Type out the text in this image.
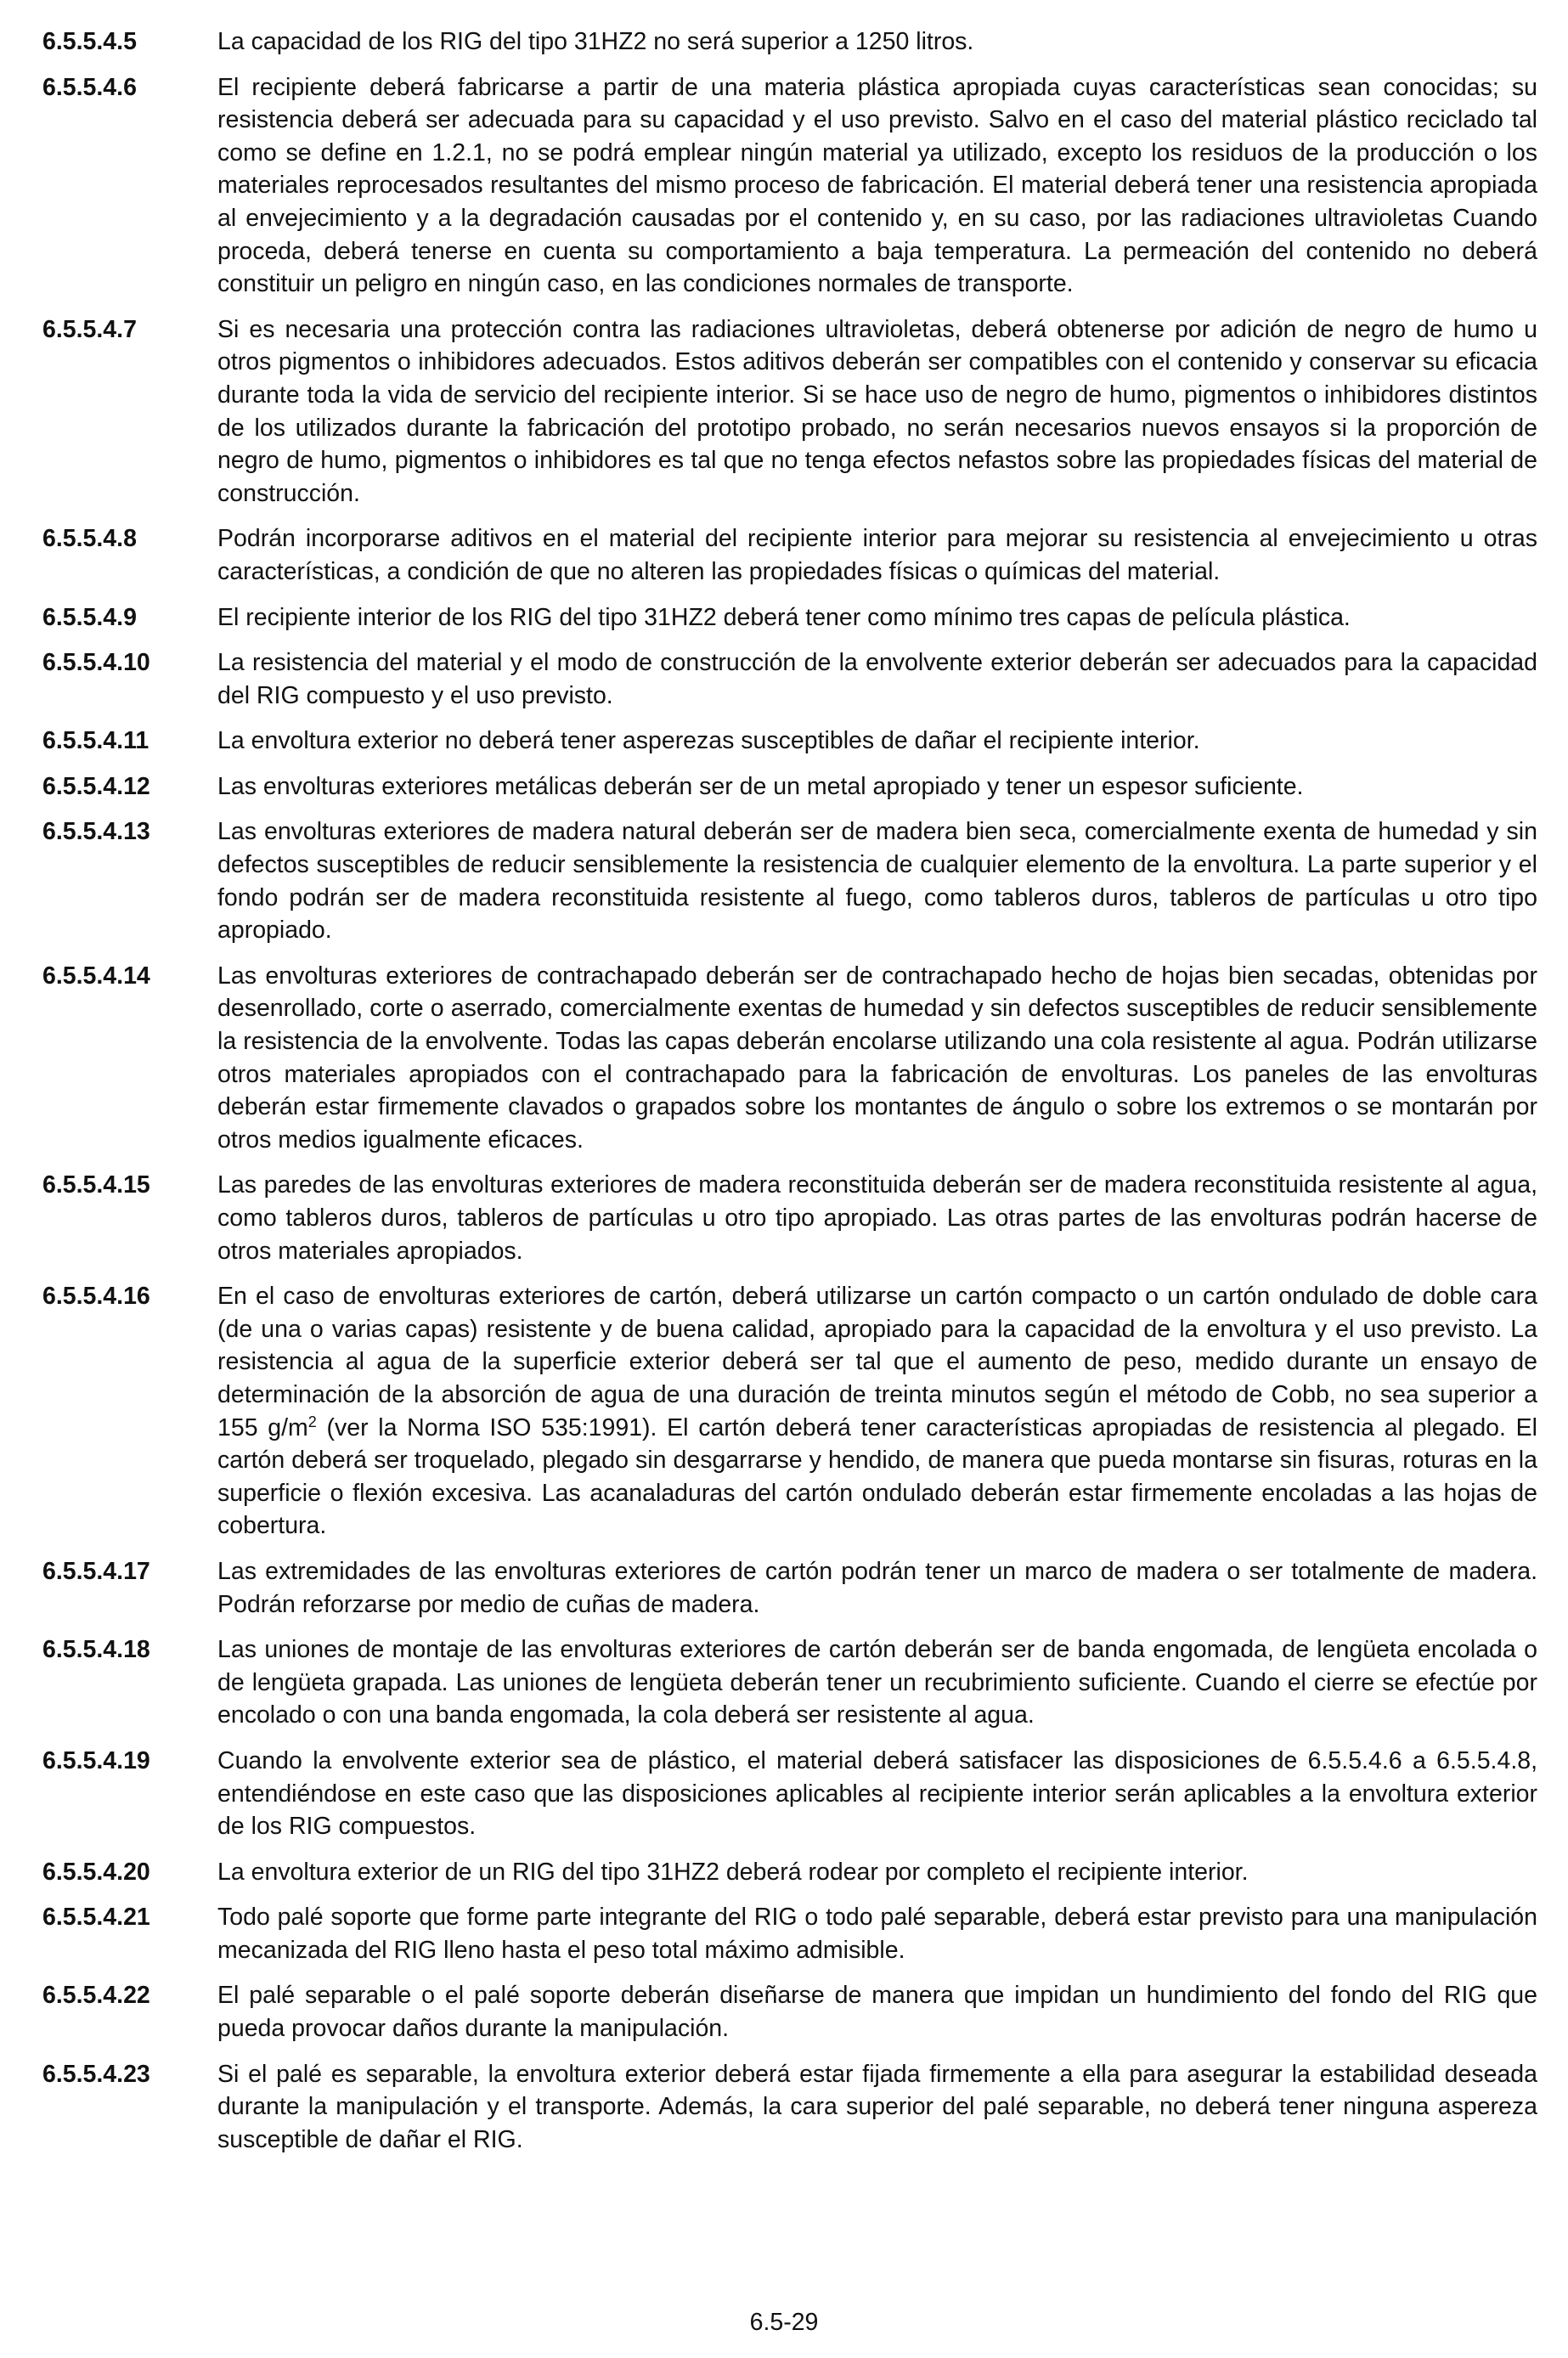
6.5.5.4.5	La capacidad de los RIG del tipo 31HZ2 no será superior a 1250 litros.
6.5.5.4.6	El recipiente deberá fabricarse a partir de una materia plástica apropiada cuyas características sean conocidas; su resistencia deberá ser adecuada para su capacidad y el uso previsto. Salvo en el caso del material plástico reciclado tal como se define en 1.2.1, no se podrá emplear ningún material ya utilizado, excepto los residuos de la producción o los materiales reprocesados resultantes del mismo proceso de fabricación. El material deberá tener una resistencia apropiada al envejecimiento y a la degradación causadas por el contenido y, en su caso, por las radiaciones ultravioletas Cuando proceda, deberá tenerse en cuenta su comportamiento a baja temperatura. La permeación del contenido no deberá constituir un peligro en ningún caso, en las condiciones normales de transporte.
6.5.5.4.7	Si es necesaria una protección contra las radiaciones ultravioletas, deberá obtenerse por adición de negro de humo u otros pigmentos o inhibidores adecuados. Estos aditivos deberán ser compatibles con el contenido y conservar su eficacia durante toda la vida de servicio del recipiente interior. Si se hace uso de negro de humo, pigmentos o inhibidores distintos de los utilizados durante la fabricación del prototipo probado, no serán necesarios nuevos ensayos si la proporción de negro de humo, pigmentos o inhibidores es tal que no tenga efectos nefastos sobre las propiedades físicas del material de construcción.
6.5.5.4.8	Podrán incorporarse aditivos en el material del recipiente interior para mejorar su resistencia al envejecimiento u otras características, a condición de que no alteren las propiedades físicas o químicas del material.
6.5.5.4.9	El recipiente interior de los RIG del tipo 31HZ2 deberá tener como mínimo tres capas de película plástica.
6.5.5.4.10	La resistencia del material y el modo de construcción de la envolvente exterior deberán ser adecuados para la capacidad del RIG compuesto y el uso previsto.
6.5.5.4.11	La envoltura exterior no deberá tener asperezas susceptibles de dañar el recipiente interior.
6.5.5.4.12	Las envolturas exteriores metálicas deberán ser de un metal apropiado y tener un espesor suficiente.
6.5.5.4.13	Las envolturas exteriores de madera natural deberán ser de madera bien seca, comercialmente exenta de humedad y sin defectos susceptibles de reducir sensiblemente la resistencia de cualquier elemento de la envoltura. La parte superior y el fondo podrán ser de madera reconstituida resistente al fuego, como tableros duros, tableros de partículas u otro tipo apropiado.
6.5.5.4.14	Las envolturas exteriores de contrachapado deberán ser de contrachapado hecho de hojas bien secadas, obtenidas por desenrollado, corte o aserrado, comercialmente exentas de humedad y sin defectos susceptibles de reducir sensiblemente la resistencia de la envolvente. Todas las capas deberán encolarse utilizando una cola resistente al agua. Podrán utilizarse otros materiales apropiados con el contrachapado para la fabricación de envolturas. Los paneles de las envolturas deberán estar firmemente clavados o grapados sobre los montantes de ángulo o sobre los extremos o se montarán por otros medios igualmente eficaces.
6.5.5.4.15	Las paredes de las envolturas exteriores de madera reconstituida deberán ser de madera reconstituida resistente al agua, como tableros duros, tableros de partículas u otro tipo apropiado. Las otras partes de las envolturas podrán hacerse de otros materiales apropiados.
6.5.5.4.16	En el caso de envolturas exteriores de cartón, deberá utilizarse un cartón compacto o un cartón ondulado de doble cara (de una o varias capas) resistente y de buena calidad, apropiado para la capacidad de la envoltura y el uso previsto. La resistencia al agua de la superficie exterior deberá ser tal que el aumento de peso, medido durante un ensayo de determinación de la absorción de agua de una duración de treinta minutos según el método de Cobb, no sea superior a 155 $g/m^2$ (ver la Norma ISO 535:1991). El cartón deberá tener características apropiadas de resistencia al plegado. El cartón deberá ser troquelado, plegado sin desgarrarse y hendido, de manera que pueda montarse sin fisuras, roturas en la superficie o flexión excesiva. Las acanaladuras del cartón ondulado deberán estar firmemente encoladas a las hojas de cobertura.
6.5.5.4.17	Las extremidades de las envolturas exteriores de cartón podrán tener un marco de madera o ser totalmente de madera. Podrán reforzarse por medio de cuñas de madera.
6.5.5.4.18	Las uniones de montaje de las envolturas exteriores de cartón deberán ser de banda engomada, de lengüeta encolada o de lengüeta grapada. Las uniones de lengüeta deberán tener un recubrimiento suficiente. Cuando el cierre se efectúe por encolado o con una banda engomada, la cola deberá ser resistente al agua.
6.5.5.4.19	Cuando la envolvente exterior sea de plástico, el material deberá satisfacer las disposiciones de 6.5.5.4.6 a 6.5.5.4.8, entendiéndose en este caso que las disposiciones aplicables al recipiente interior serán aplicables a la envoltura exterior de los RIG compuestos.
6.5.5.4.20	La envoltura exterior de un RIG del tipo 31HZ2 deberá rodear por completo el recipiente interior.
6.5.5.4.21	Todo palé soporte que forme parte integrante del RIG o todo palé separable, deberá estar previsto para una manipulación mecanizada del RIG lleno hasta el peso total máximo admisible.
6.5.5.4.22	El palé separable o el palé soporte deberán diseñarse de manera que impidan un hundimiento del fondo del RIG que pueda provocar daños durante la manipulación.
6.5.5.4.23	Si el palé es separable, la envoltura exterior deberá estar fijada firmemente a ella para asegurar la estabilidad deseada durante la manipulación y el transporte. Además, la cara superior del palé separable, no deberá tener ninguna aspereza susceptible de dañar el RIG.
6.5-29
